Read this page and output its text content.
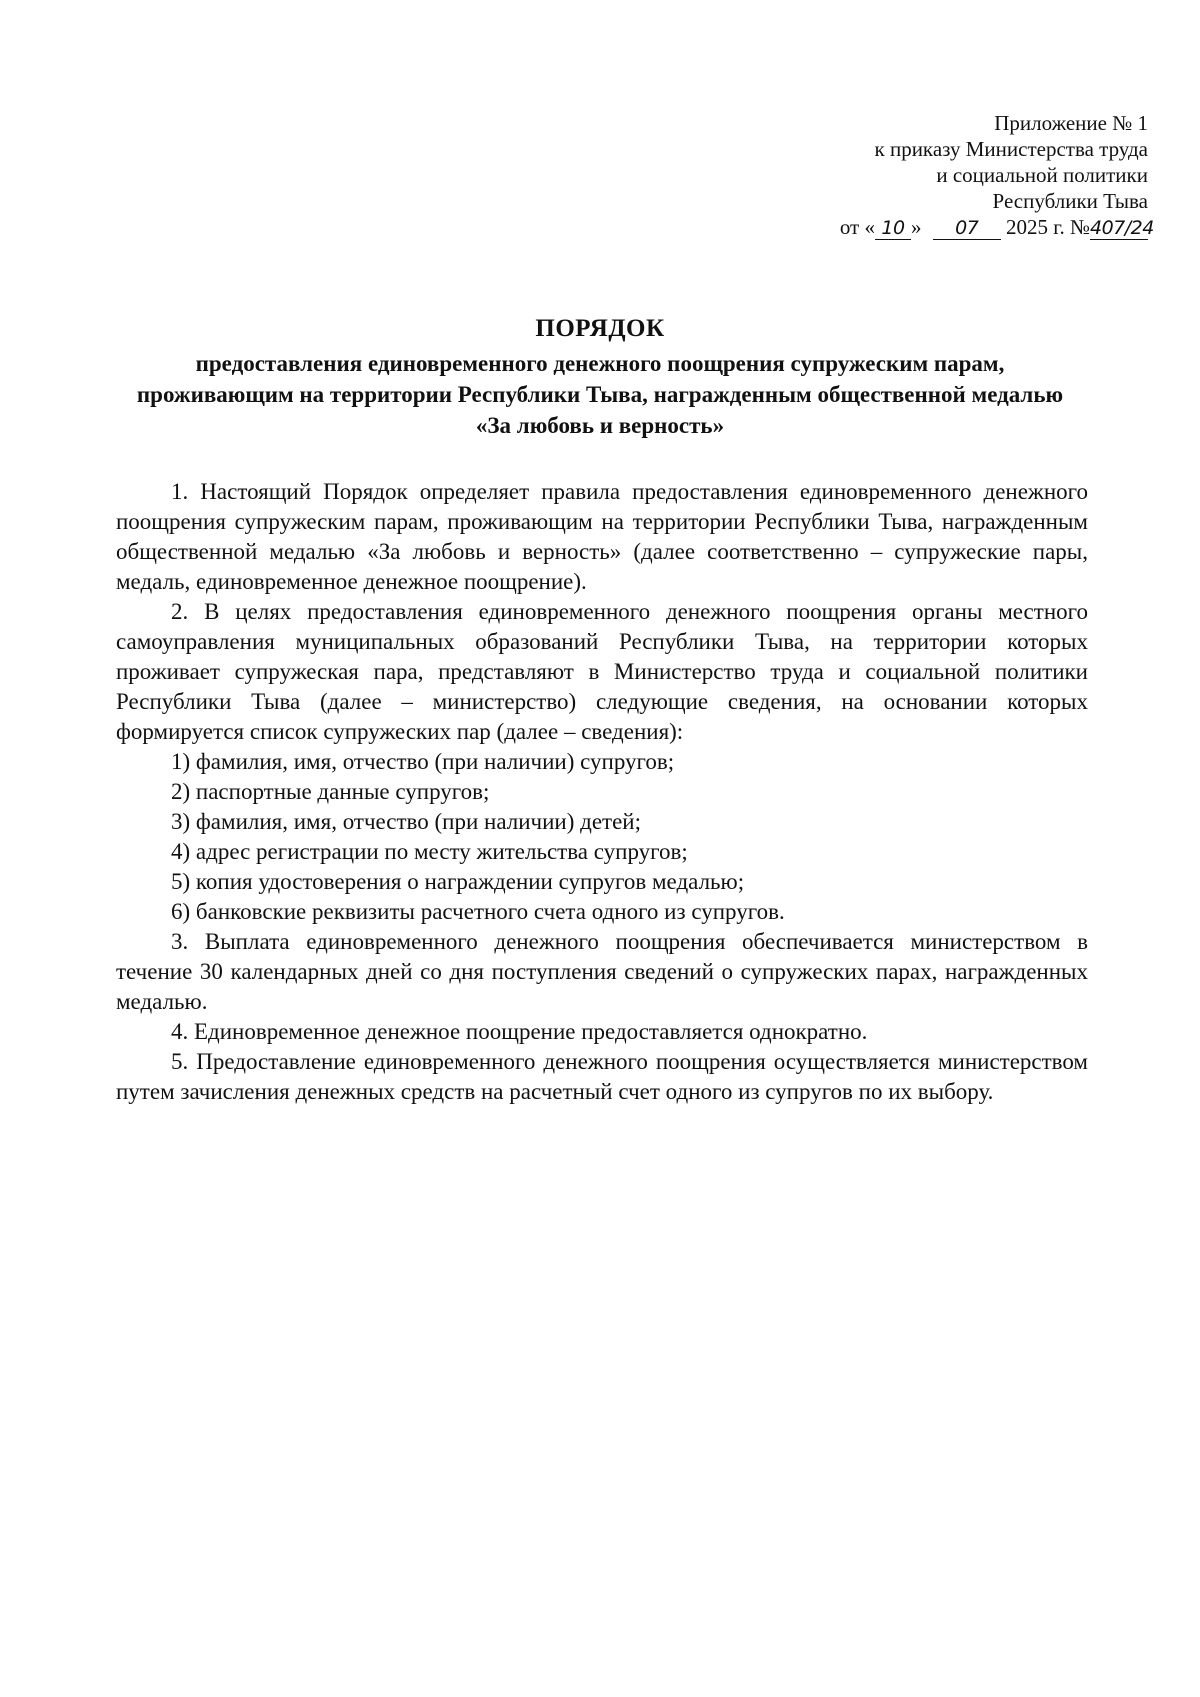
Приложение № 1
к приказу Министерства труда
и социальной политики
Республики Тыва
от « 10 » 07 2025 г. №407/24
ПОРЯДОК
предоставления единовременного денежного поощрения супружеским парам, проживающим на территории Республики Тыва, награжденным общественной медалью «За любовь и верность»

1. Настоящий Порядок определяет правила предоставления единовременного денежного поощрения супружеским парам, проживающим на территории Республики Тыва, награжденным общественной медалью «За любовь и верность» (далее соответственно – супружеские пары, медаль, единовременное денежное поощрение).

2. В целях предоставления единовременного денежного поощрения органы местного самоуправления муниципальных образований Республики Тыва, на территории которых проживает супружеская пара, представляют в Министерство труда и социальной политики Республики Тыва (далее – министерство) следующие сведения, на основании которых формируется список супружеских пар (далее – сведения):

1) фамилия, имя, отчество (при наличии) супругов;

2) паспортные данные супругов;

3) фамилия, имя, отчество (при наличии) детей;

4) адрес регистрации по месту жительства супругов;

5) копия удостоверения о награждении супругов медалью;

6) банковские реквизиты расчетного счета одного из супругов.

3. Выплата единовременного денежного поощрения обеспечивается министерством в течение 30 календарных дней со дня поступления сведений о супружеских парах, награжденных медалью.

4. Единовременное денежное поощрение предоставляется однократно.

5. Предоставление единовременного денежного поощрения осуществляется министерством путем зачисления денежных средств на расчетный счет одного из супругов по их выбору.
